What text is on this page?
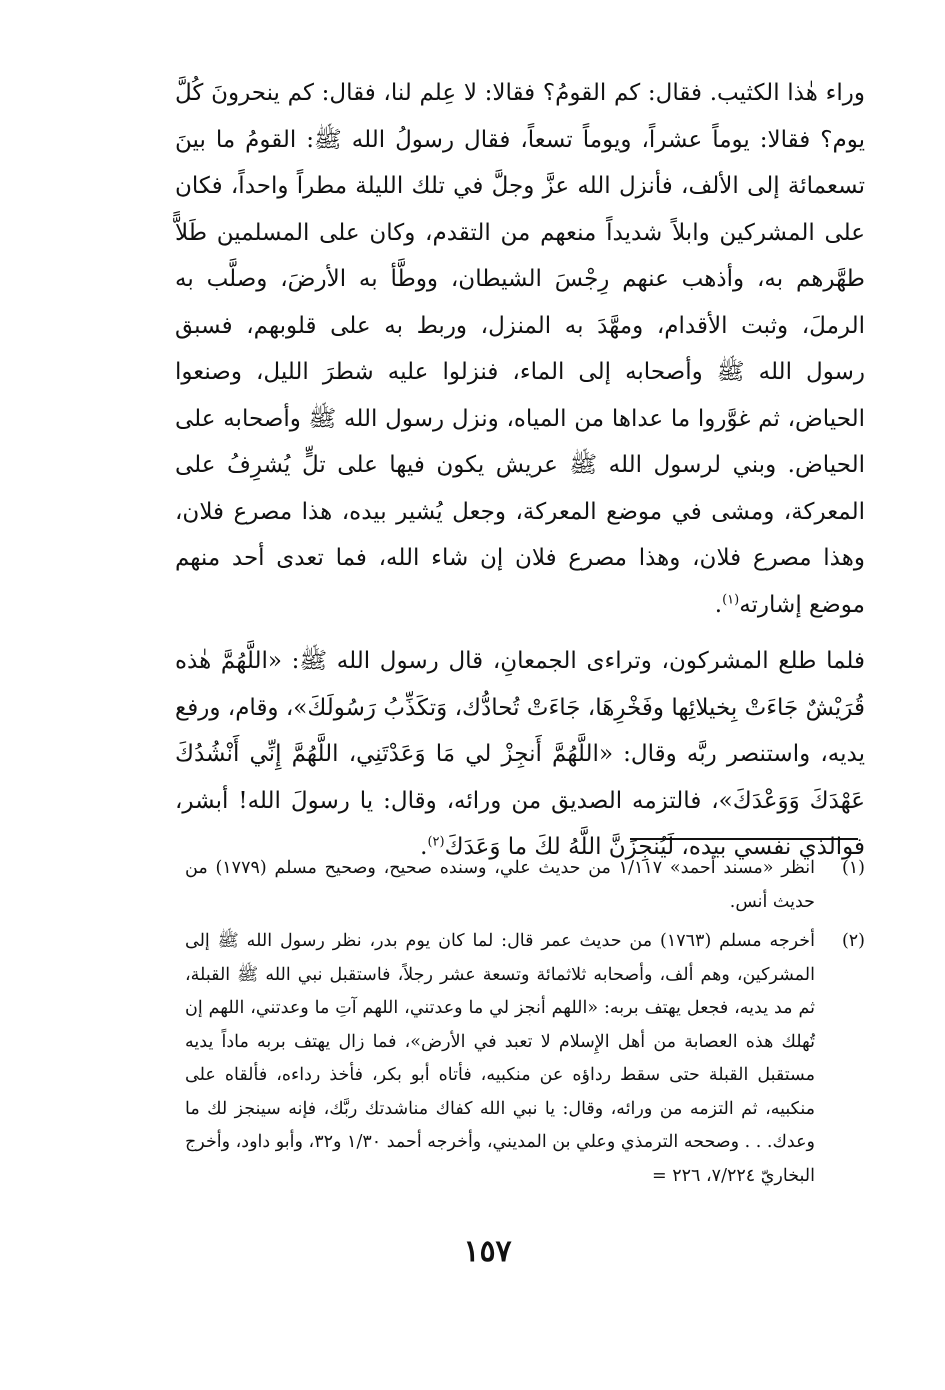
وراء هٰذا الكثيب. فقال: كم القومُ؟ فقالا: لا عِلم لنا، فقال: كم ينحرونَ كُلَّ يوم؟ فقالا: يوماً عشراً، ويوماً تسعاً، فقال رسولُ الله ﷺ: القومُ ما بينَ تسعمائة إلى الألف، فأنزل الله عزَّ وجلَّ في تلك الليلة مطراً واحداً، فكان على المشركين وابلاً شديداً منعهم من التقدم، وكان على المسلمين طَلاًّ طهَّرهم به، وأذهب عنهم رِجْسَ الشيطان، ووطَّأ به الأرضَ، وصلَّب به الرملَ، وثبت الأقدام، ومهَّدَ به المنزل، وربط به على قلوبهم، فسبق رسول الله ﷺ وأصحابه إلى الماء، فنزلوا عليه شطرَ الليل، وصنعوا الحياض، ثم غوَّروا ما عداها من المياه، ونزل رسول الله ﷺ وأصحابه على الحياض. وبني لرسول الله ﷺ عريش يكون فيها على تلٍّ يُشرِفُ على المعركة، ومشى في موضع المعركة، وجعل يُشير بيده، هذا مصرع فلان، وهذا مصرع فلان، وهذا مصرع فلان إن شاء الله، فما تعدى أحد منهم موضع إشارته$^{(١)}$.

فلما طلع المشركون، وتراءى الجمعانِ، قال رسول الله ﷺ: «اللَّهُمَّ هٰذه قُرَيْشٌ جَاءَتْ بِخيلائِها وفَخْرِهَا، جَاءَتْ تُحادُّك، وَتكَذِّبُ رَسُولَكَ»، وقام، ورفع يديه، واستنصر ربَّه وقال: «اللَّهُمَّ أَنجِزْ لي مَا وَعَدْتَنِي، اللَّهُمَّ إِنِّي أَنْشُدُكَ عَهْدَكَ وَوَعْدَكَ»، فالتزمه الصديق من ورائه، وقال: يا رسولَ الله! أبشر، فوالذي نفسي بيده، لَيُنجِزَنَّ اللَّهُ لكَ ما وَعَدَكَ$^{(٢)}$.

(١)
انظر «مسند أحمد» ١/١١٧ من حديث علي، وسنده صحيح، وصحيح مسلم (١٧٧٩) من حديث أنس.
(٢)
أخرجه مسلم (١٧٦٣) من حديث عمر قال: لما كان يوم بدر، نظر رسول الله ﷺ إلى المشركين، وهم ألف، وأصحابه ثلاثمائة وتسعة عشر رجلاً، فاستقبل نبي الله ﷺ القبلة، ثم مد يديه، فجعل يهتف بربه: «اللهم أنجز لي ما وعدتني، اللهم آتِ ما وعدتني، اللهم إن تُهلك هذه العصابة من أهل الإِسلام لا تعبد في الأرض»، فما زال يهتف بربه ماداً يديه مستقبل القبلة حتى سقط رداؤه عن منكبيه، فأتاه أبو بكر، فأخذ رداءه، فألقاه على منكبيه، ثم التزمه من ورائه، وقال: يا نبي الله كفاك مناشدتك ربَّك، فإنه سينجز لك ما وعدك. . . وصححه الترمذي وعلي بن المديني، وأخرجه أحمد ١/٣٠ و٣٢، وأبو داود، وأخرج البخاريّ ٧/٢٢٤، ٢٢٦ =
١٥٧
